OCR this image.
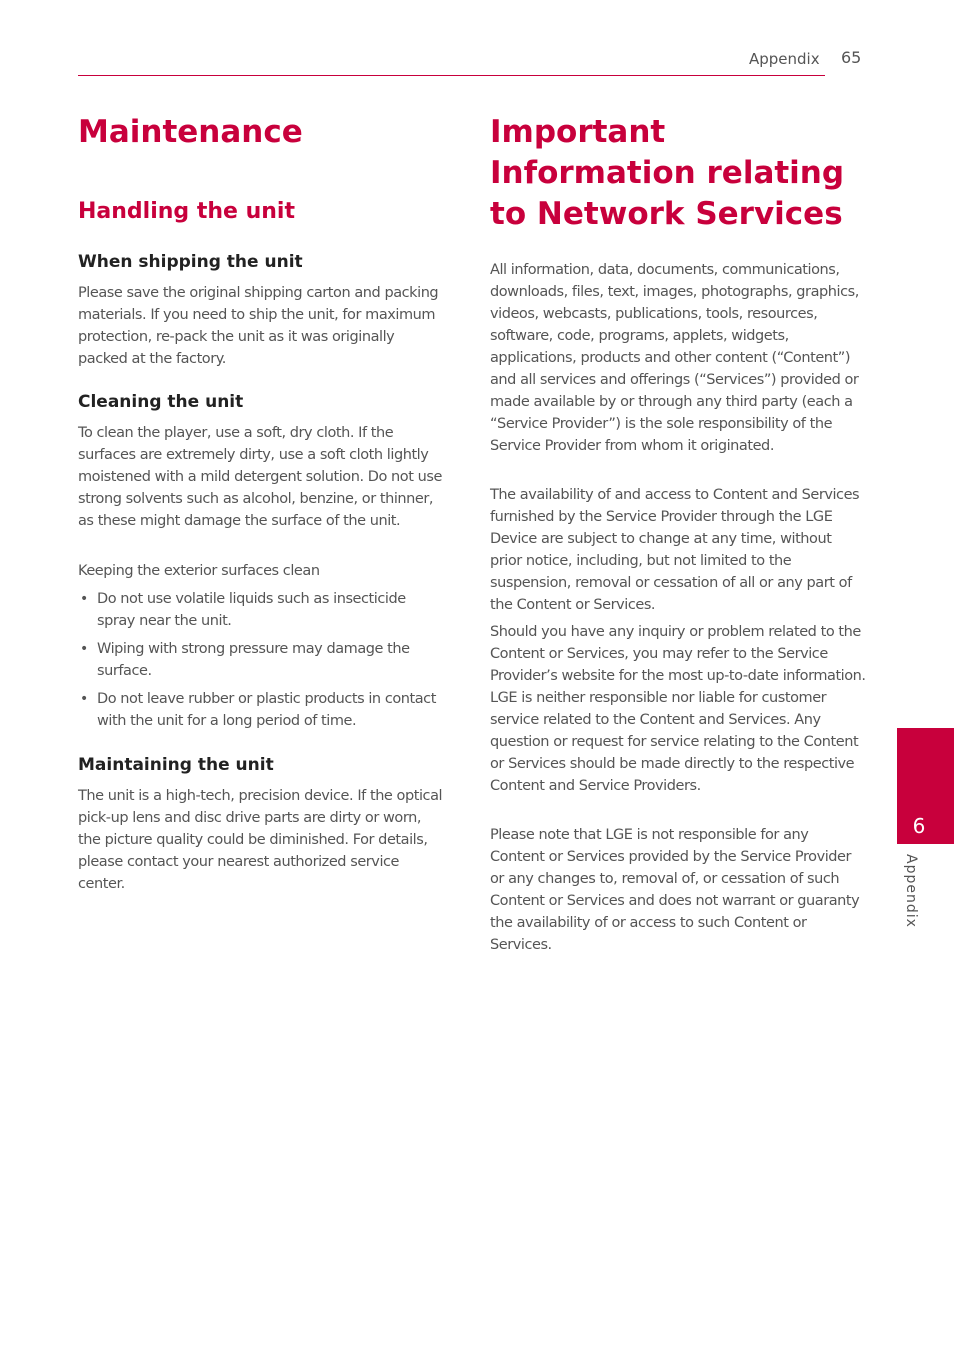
Appendix 65
Maintenance
Handling the unit
When shipping the unit

Please save the original shipping carton and packing materials. If you need to ship the unit, for maximum protection, re-pack the unit as it was originally packed at the factory.

Cleaning the unit

To clean the player, use a soft, dry cloth. If the surfaces are extremely dirty, use a soft cloth lightly moistened with a mild detergent solution. Do not use strong solvents such as alcohol, benzine, or thinner, as these might damage the surface of the unit.

Keeping the exterior surfaces clean

• Do not use volatile liquids such as insecticide spray near the unit.
• Wiping with strong pressure may damage the surface.
• Do not leave rubber or plastic products in contact with the unit for a long period of time.
Maintaining the unit

The unit is a high-tech, precision device. If the optical pick-up lens and disc drive parts are dirty or worn, the picture quality could be diminished. For details, please contact your nearest authorized service center.

Important Information relating to Network Services

All information, data, documents, communications, downloads, files, text, images, photographs, graphics, videos, webcasts, publications, tools, resources, software, code, programs, applets, widgets, applications, products and other content (“Content”) and all services and offerings (“Services”) provided or made available by or through any third party (each a “Service Provider”) is the sole responsibility of the Service Provider from whom it originated.

The availability of and access to Content and Services furnished by the Service Provider through the LGE Device are subject to change at any time, without prior notice, including, but not limited to the suspension, removal or cessation of all or any part of the Content or Services.

Should you have any inquiry or problem related to the Content or Services, you may refer to the Service Provider’s website for the most up-to-date information. LGE is neither responsible nor liable for customer service related to the Content and Services. Any question or request for service relating to the Content or Services should be made directly to the respective Content and Service Providers.

Please note that LGE is not responsible for any Content or Services provided by the Service Provider or any changes to, removal of, or cessation of such Content or Services and does not warrant or guaranty the availability of or access to such Content or Services.

6
Appendix
